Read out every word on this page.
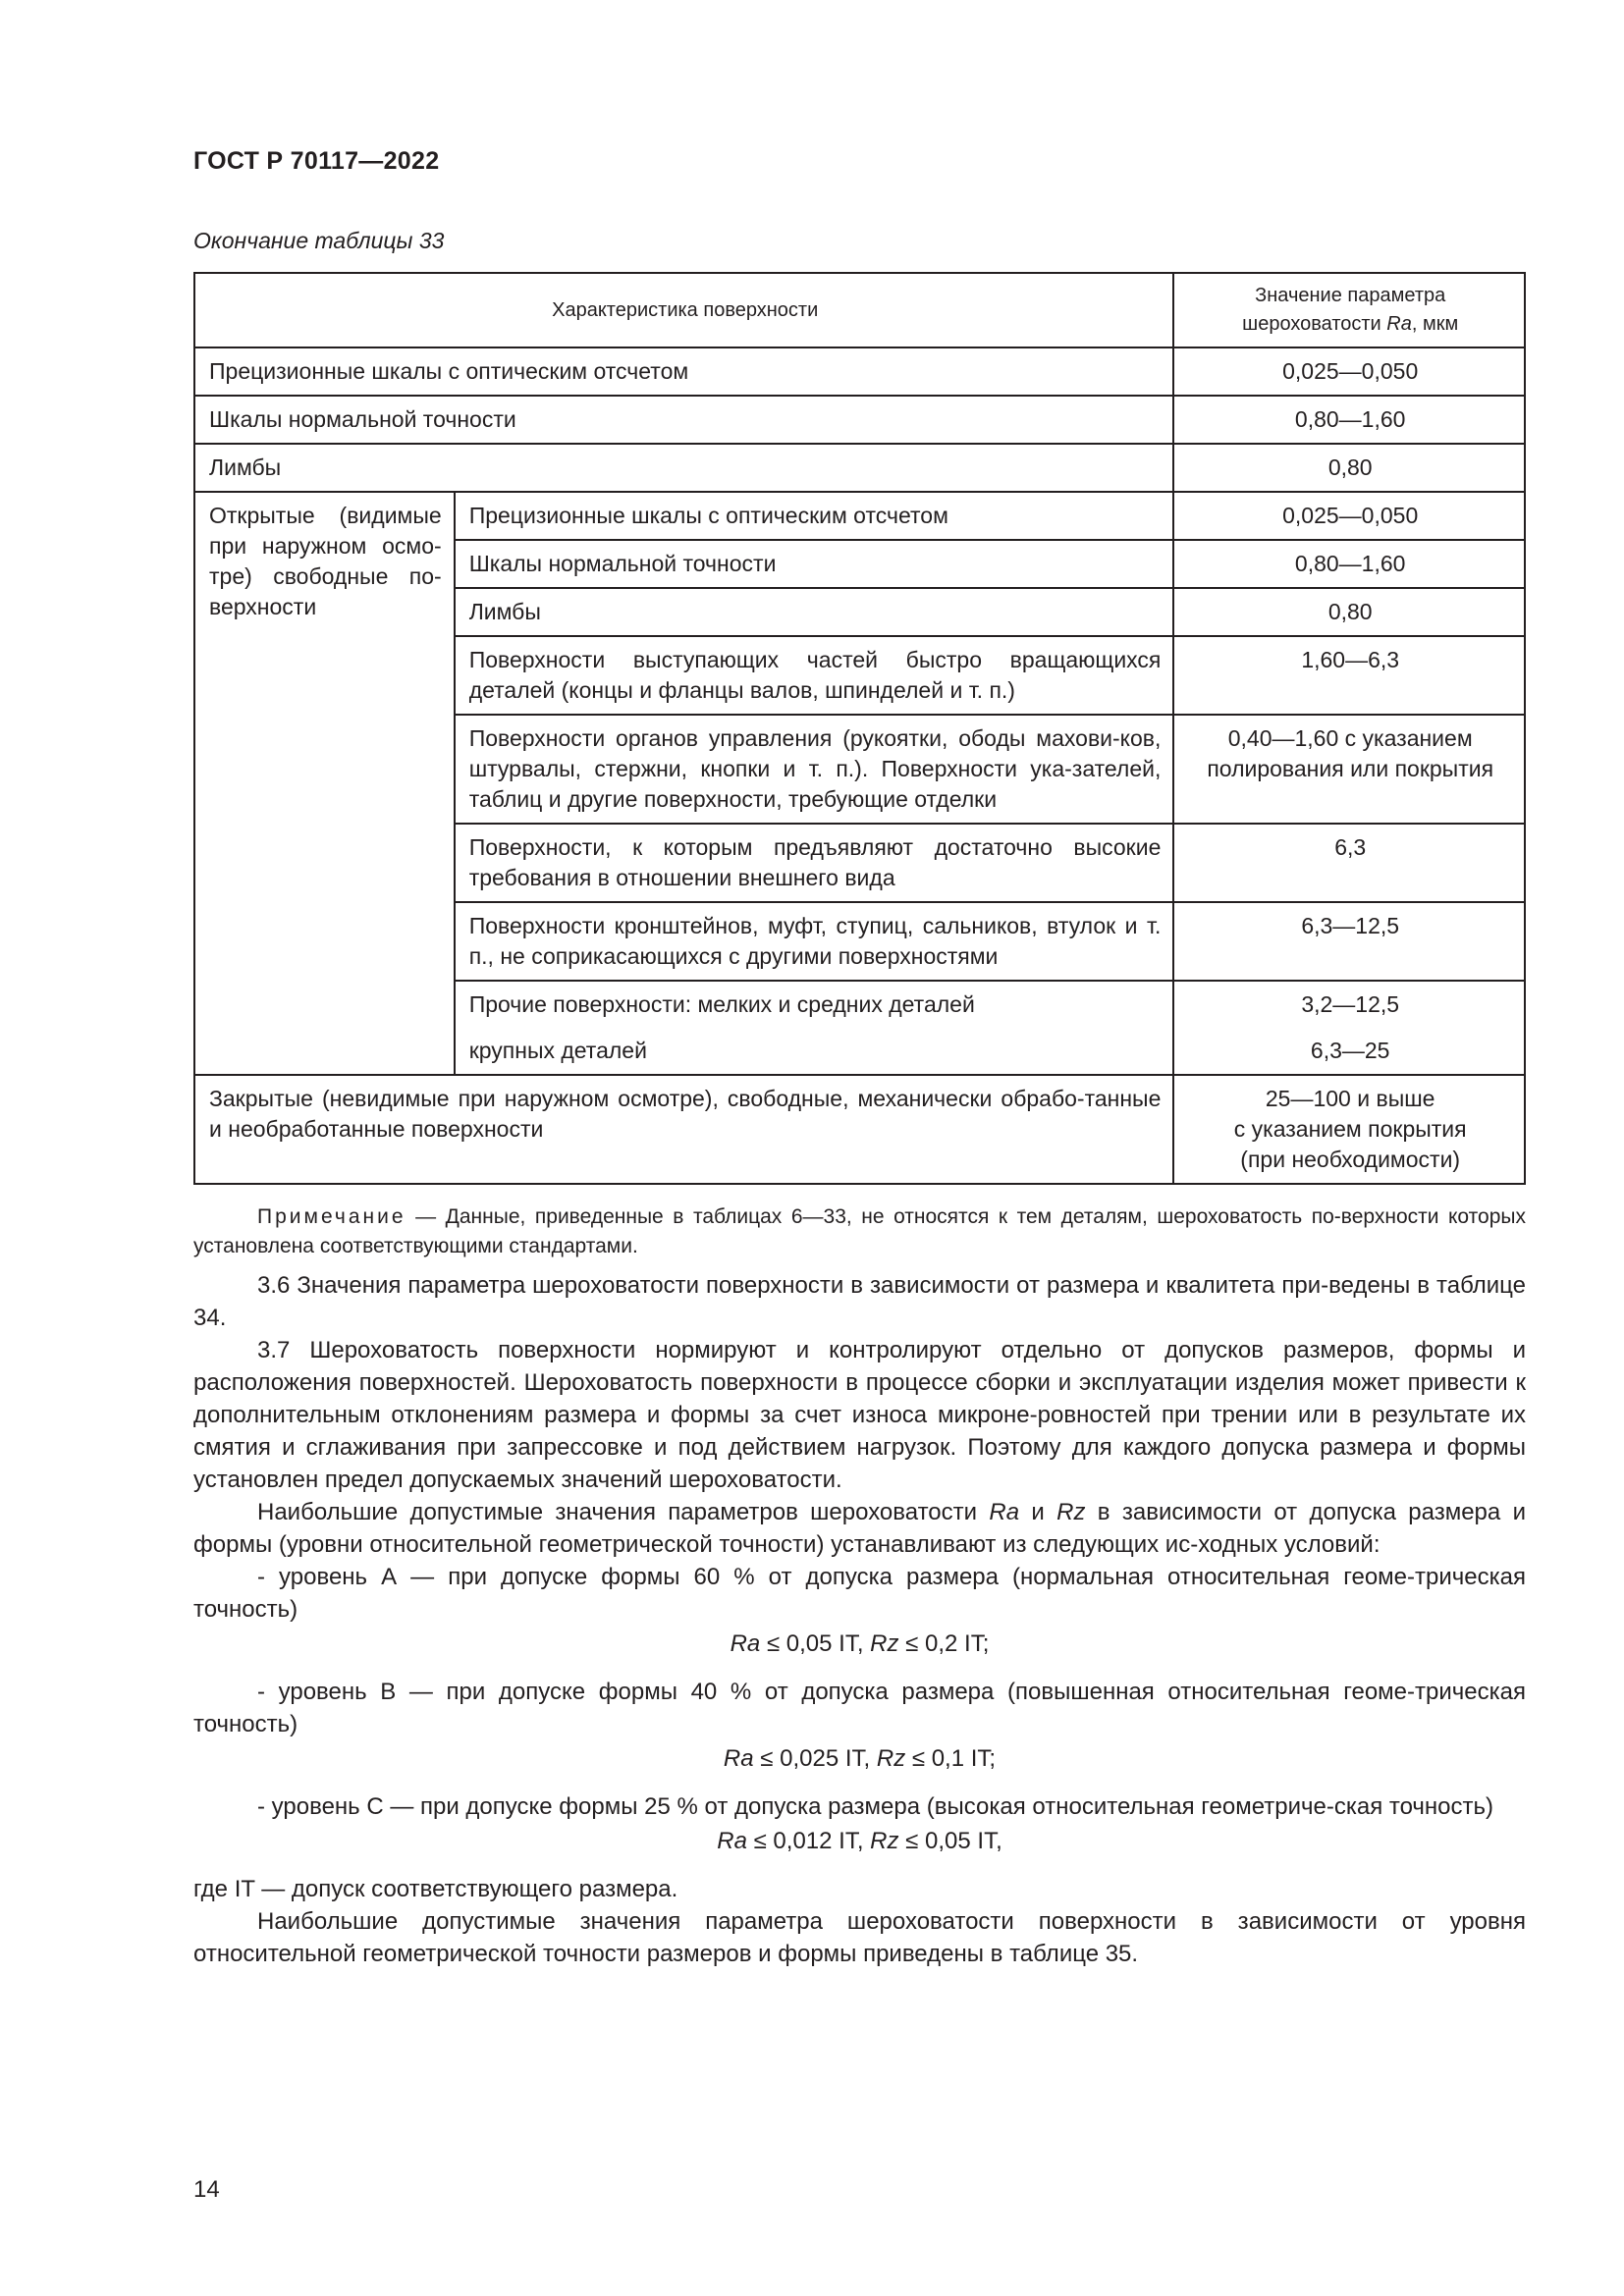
ГОСТ Р 70117—2022
Окончание таблицы 33
Характеристика поверхности		Значение параметра
шероховатости Ra, мкм
Прецизионные шкалы с оптическим отсчетом		0,025—0,050
Шкалы нормальной точности		0,80—1,60
Лимбы		0,80
Открытые (видимые при наружном осмо-тре) свободные по-верхности	Прецизионные шкалы с оптическим отсчетом	0,025—0,050
	Шкалы нормальной точности	0,80—1,60
	Лимбы	0,80
	Поверхности выступающих частей быстро вращающихся деталей (концы и фланцы валов, шпинделей и т. п.)	1,60—6,3
	Поверхности органов управления (рукоятки, ободы махови-ков, штурвалы, стержни, кнопки и т. п.). Поверхности ука-зателей, таблиц и другие поверхности, требующие отделки	0,40—1,60 с указанием полирования или покрытия
	Поверхности, к которым предъявляют достаточно высокие требования в отношении внешнего вида	6,3
	Поверхности кронштейнов, муфт, ступиц, сальников, втулок и т. п., не соприкасающихся с другими поверхностями	6,3—12,5
	Прочие поверхности: мелких и средних деталей	3,2—12,5
	крупных деталей	6,3—25
Закрытые (невидимые при наружном осмотре), свободные, механически обрабо-танные и необработанные поверхности		25—100 и выше
с указанием покрытия
(при необходимости)

Примечание — Данные, приведенные в таблицах 6—33, не относятся к тем деталям, шероховатость по-верхности которых установлена соответствующими стандартами.

3.6 Значения параметра шероховатости поверхности в зависимости от размера и квалитета при-ведены в таблице 34.

3.7 Шероховатость поверхности нормируют и контролируют отдельно от допусков размеров, формы и расположения поверхностей. Шероховатость поверхности в процессе сборки и эксплуатации изделия может привести к дополнительным отклонениям размера и формы за счет износа микроне-ровностей при трении или в результате их смятия и сглаживания при запрессовке и под действием нагрузок. Поэтому для каждого допуска размера и формы установлен предел допускаемых значений шероховатости.

Наибольшие допустимые значения параметров шероховатости Ra и Rz в зависимости от допуска размера и формы (уровни относительной геометрической точности) устанавливают из следующих ис-ходных условий:

- уровень А — при допуске формы 60 % от допуска размера (нормальная относительная геоме-трическая точность)

Ra ≤ 0,05 IT, Rz ≤ 0,2 IT;

- уровень В — при допуске формы 40 % от допуска размера (повышенная относительная геоме-трическая точность)

Ra ≤ 0,025 IT, Rz ≤ 0,1 IT;

- уровень С — при допуске формы 25 % от допуска размера (высокая относительная геометриче-ская точность)

Ra ≤ 0,012 IT, Rz ≤ 0,05 IT,

где IT — допуск соответствующего размера.

Наибольшие допустимые значения параметра шероховатости поверхности в зависимости от уровня относительной геометрической точности размеров и формы приведены в таблице 35.

14
